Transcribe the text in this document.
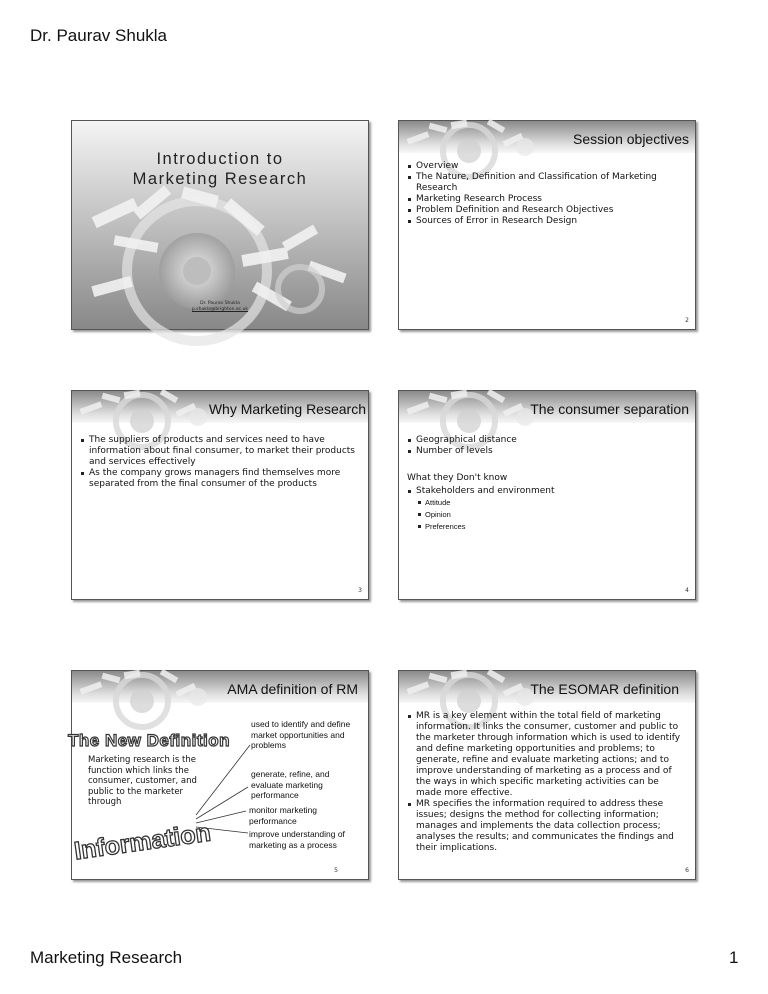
Dr. Paurav Shukla
Marketing Research	1
Introduction to
Marketing Research
Dr. Paurav Shukla
p.shukla@brighton.ac.uk
Session objectives
Overview
The Nature, Definition and Classification of Marketing Research
Marketing Research Process
Problem Definition and Research Objectives
Sources of Error in Research Design
2
Why Marketing Research
The suppliers of products and services need to have information about final consumer, to market their products and services effectively
As the company grows managers find themselves more separated from the final consumer of the products
3
The consumer separation
Geographical distance
Number of levels
What they Don't know
Stakeholders and environment
Attitude
Opinion
Preferences
4
AMA definition of RM
The New Definition
Marketing research is the function which links the consumer, customer, and public to the marketer through
Information
used to identify and define market opportunities and problems
generate, refine, and evaluate marketing performance
monitor marketing performance
improve understanding of marketing as a process
5
The ESOMAR definition
MR is a key element within the total field of marketing information. It links the consumer, customer and public to the marketer through information which is used to identify and define marketing opportunities and problems; to generate, refine and evaluate marketing actions; and to improve understanding of marketing as a process and of the ways in which specific marketing activities can be made more effective.
MR specifies the information required to address these issues; designs the method for collecting information; manages and implements the data collection process; analyses the results; and communicates the findings and their implications.
6
